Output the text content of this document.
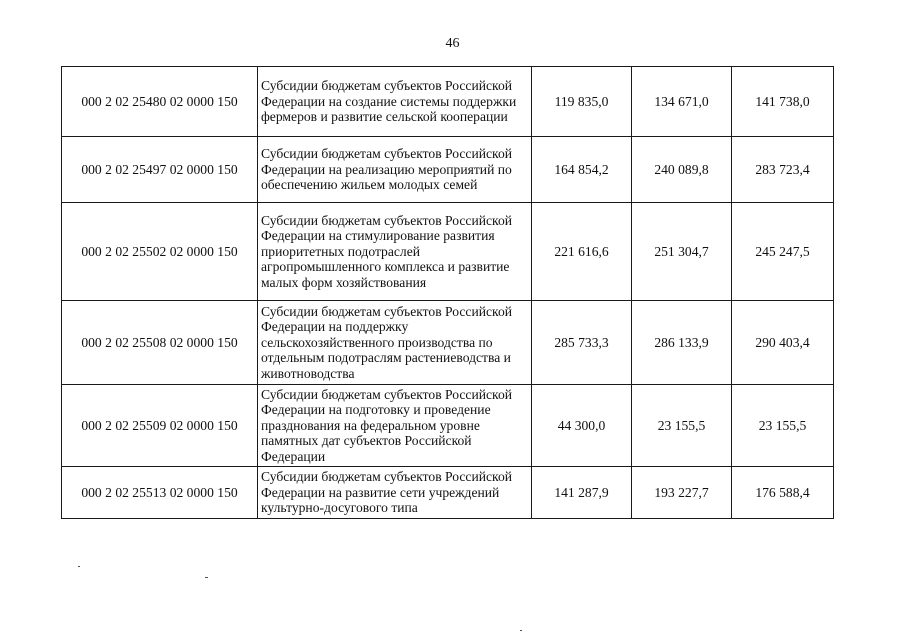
46
000 2 02 25480 02 0000 150	Субсидии бюджетам субъектов Российской Федерации на создание системы поддержки фермеров и развитие сельской кооперации	119 835,0	134 671,0	141 738,0
000 2 02 25497 02 0000 150	Субсидии бюджетам субъектов Российской Федерации на реализацию мероприятий по обеспечению жильем молодых семей	164 854,2	240 089,8	283 723,4
000 2 02 25502 02 0000 150	Субсидии бюджетам субъектов Российской Федерации на стимулирование развития приоритетных подотраслей агропромышленного комплекса и развитие малых форм хозяйствования	221 616,6	251 304,7	245 247,5
000 2 02 25508 02 0000 150	Субсидии бюджетам субъектов Российской Федерации на поддержку сельскохозяйственного производства по отдельным подотраслям растениеводства и животноводства	285 733,3	286 133,9	290 403,4
000 2 02 25509 02 0000 150	Субсидии бюджетам субъектов Российской Федерации на подготовку и проведение празднования на федеральном уровне памятных дат субъектов Российской Федерации	44 300,0	23 155,5	23 155,5
000 2 02 25513 02 0000 150	Субсидии бюджетам субъектов Российской Федерации на развитие сети учреждений культурно-досугового типа	141 287,9	193 227,7	176 588,4
